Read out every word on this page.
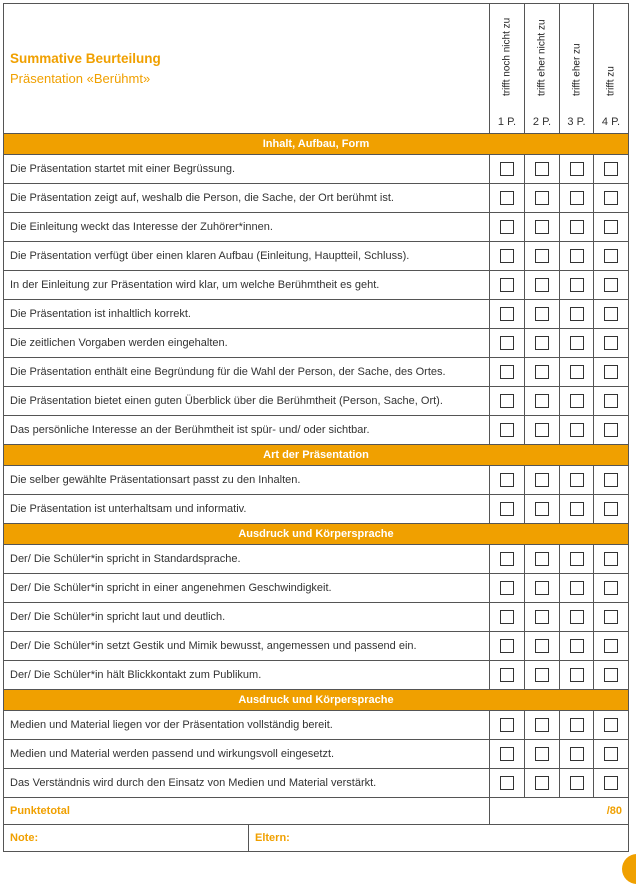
Summative Beurteilung
Präsentation «Berühmt»	trifft noch nicht zu	trifft eher nicht zu	trifft eher zu	trifft zu

	1 P.	2 P.	3 P.	4 P.
Inhalt, Aufbau, Form				
Die Präsentation startet mit einer Begrüssung.				
Die Präsentation zeigt auf, weshalb die Person, die Sache, der Ort berühmt ist.				
Die Einleitung weckt das Interesse der Zuhörer*innen.				
Die Präsentation verfügt über einen klaren Aufbau (Einleitung, Hauptteil, Schluss).				
In der Einleitung zur Präsentation wird klar, um welche Berühmtheit es geht.				
Die Präsentation ist inhaltlich korrekt.				
Die zeitlichen Vorgaben werden eingehalten.				
Die Präsentation enthält eine Begründung für die Wahl der Person, der Sache, des Ortes.				
Die Präsentation bietet einen guten Überblick über die Berühmtheit (Person, Sache, Ort).				
Das persönliche Interesse an der Berühmtheit ist spür- und/ oder sichtbar.				
Art der Präsentation				
Die selber gewählte Präsentationsart passt zu den Inhalten.				
Die Präsentation ist unterhaltsam und informativ.				
Ausdruck und Körpersprache				
Der/ Die Schüler*in spricht in Standardsprache.				
Der/ Die Schüler*in spricht in einer angenehmen Geschwindigkeit.				
Der/ Die Schüler*in spricht laut und deutlich.				
Der/ Die Schüler*in setzt Gestik und Mimik bewusst, angemessen und passend ein.				
Der/ Die Schüler*in hält Blickkontakt zum Publikum.				
Ausdruck und Körpersprache				
Medien und Material liegen vor der Präsentation vollständig bereit.				
Medien und Material werden passend und wirkungsvoll eingesetzt.				
Das Verständnis wird durch den Einsatz von Medien und Material verstärkt.				
Punktetotal	/80			

Note: Eltern:				
